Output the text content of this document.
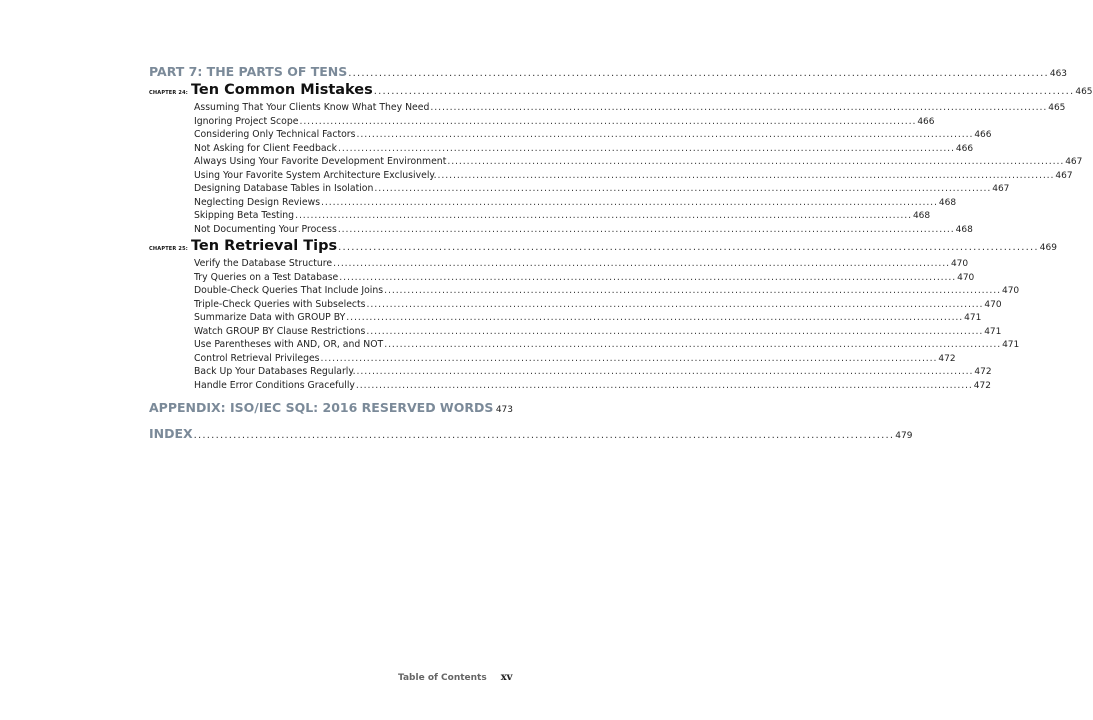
PART 7: THE PARTS OF TENS ................................................................................................................................................................ 463
CHAPTER 24: Ten Common Mistakes ................................................................................................................................................................ 465
Assuming That Your Clients Know What They Need ................................................................................................................................................................ 465
Ignoring Project Scope ................................................................................................................................................................ 466
Considering Only Technical Factors ................................................................................................................................................................ 466
Not Asking for Client Feedback ................................................................................................................................................................ 466
Always Using Your Favorite Development Environment ................................................................................................................................................................ 467
Using Your Favorite System Architecture Exclusively. ................................................................................................................................................................ 467
Designing Database Tables in Isolation ................................................................................................................................................................ 467
Neglecting Design Reviews ................................................................................................................................................................ 468
Skipping Beta Testing ................................................................................................................................................................ 468
Not Documenting Your Process ................................................................................................................................................................ 468
CHAPTER 25: Ten Retrieval Tips ................................................................................................................................................................ 469
Verify the Database Structure ................................................................................................................................................................ 470
Try Queries on a Test Database ................................................................................................................................................................ 470
Double-Check Queries That Include Joins ................................................................................................................................................................ 470
Triple-Check Queries with Subselects ................................................................................................................................................................ 470
Summarize Data with GROUP BY ................................................................................................................................................................ 471
Watch GROUP BY Clause Restrictions ................................................................................................................................................................ 471
Use Parentheses with AND, OR, and NOT ................................................................................................................................................................ 471
Control Retrieval Privileges ................................................................................................................................................................ 472
Back Up Your Databases Regularly. ................................................................................................................................................................ 472
Handle Error Conditions Gracefully ................................................................................................................................................................ 472
APPENDIX: ISO/IEC SQL: 2016 RESERVED WORDS 473
INDEX ................................................................................................................................................................ 479
Table of Contents xv
